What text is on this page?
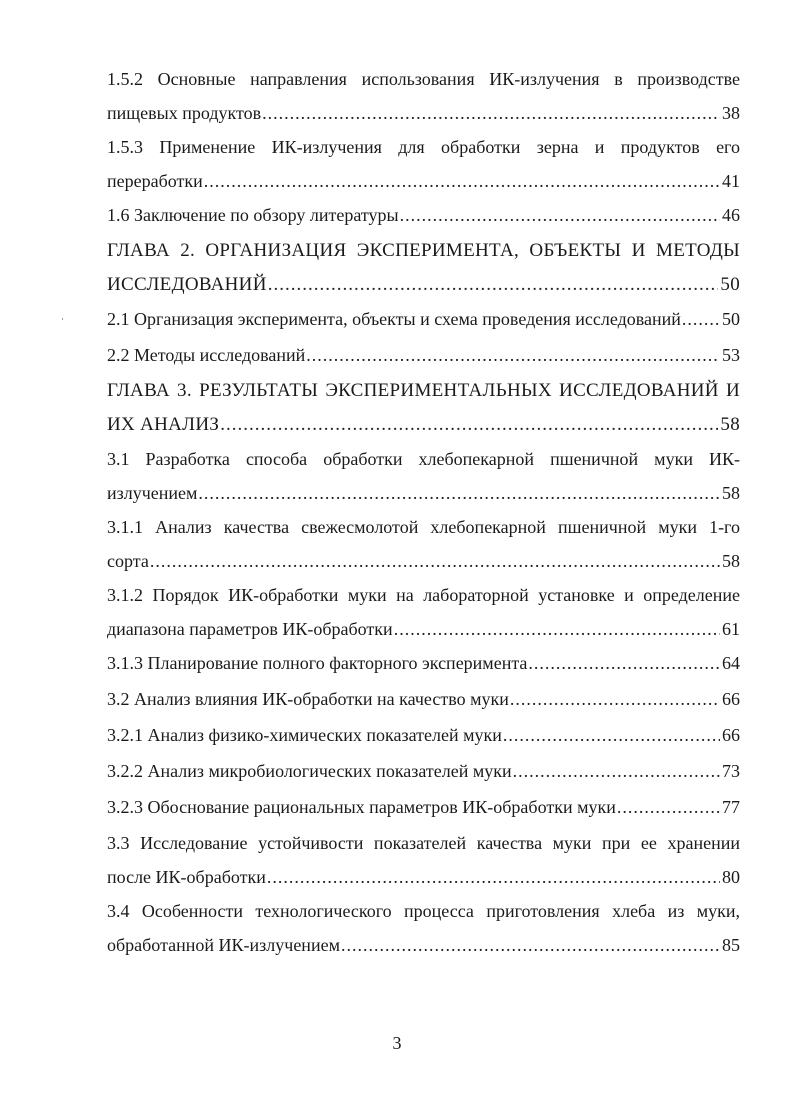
1.5.2 Основные направления использования ИК-излучения в производстве
пищевых продуктов .....	38
1.5.3 Применение ИК-излучения для обработки зерна и продуктов его
переработки .....	41
1.6 Заключение по обзору литературы .....	46
ГЛАВА 2. ОРГАНИЗАЦИЯ ЭКСПЕРИМЕНТА, ОБЪЕКТЫ И МЕТОДЫ
ИССЛЕДОВАНИЙ .....	50
2.1 Организация эксперимента, объекты и схема проведения исследований ..... 50
2.2 Методы исследований .....	53
ГЛАВА 3. РЕЗУЛЬТАТЫ ЭКСПЕРИМЕНТАЛЬНЫХ ИССЛЕДОВАНИЙ И
ИХ АНАЛИЗ .....	58
3.1 Разработка способа обработки хлебопекарной пшеничной муки ИК-
излучением .....	58
3.1.1 Анализ качества свежесмолотой хлебопекарной пшеничной муки 1-го
сорта .....	58
3.1.2 Порядок ИК-обработки муки на лабораторной установке и определение
диапазона параметров ИК-обработки .....	61
3.1.3 Планирование полного факторного эксперимента .....	64
3.2 Анализ влияния ИК-обработки на качество муки .....	66
3.2.1 Анализ физико-химических показателей муки .....	66
3.2.2 Анализ микробиологических показателей муки .....	73
3.2.3 Обоснование рациональных параметров ИК-обработки муки .....	77
3.3 Исследование устойчивости показателей качества муки при ее хранении
после ИК-обработки .....	80
3.4 Особенности технологического процесса приготовления хлеба из муки,
обработанной ИК-излучением .....	85
3
